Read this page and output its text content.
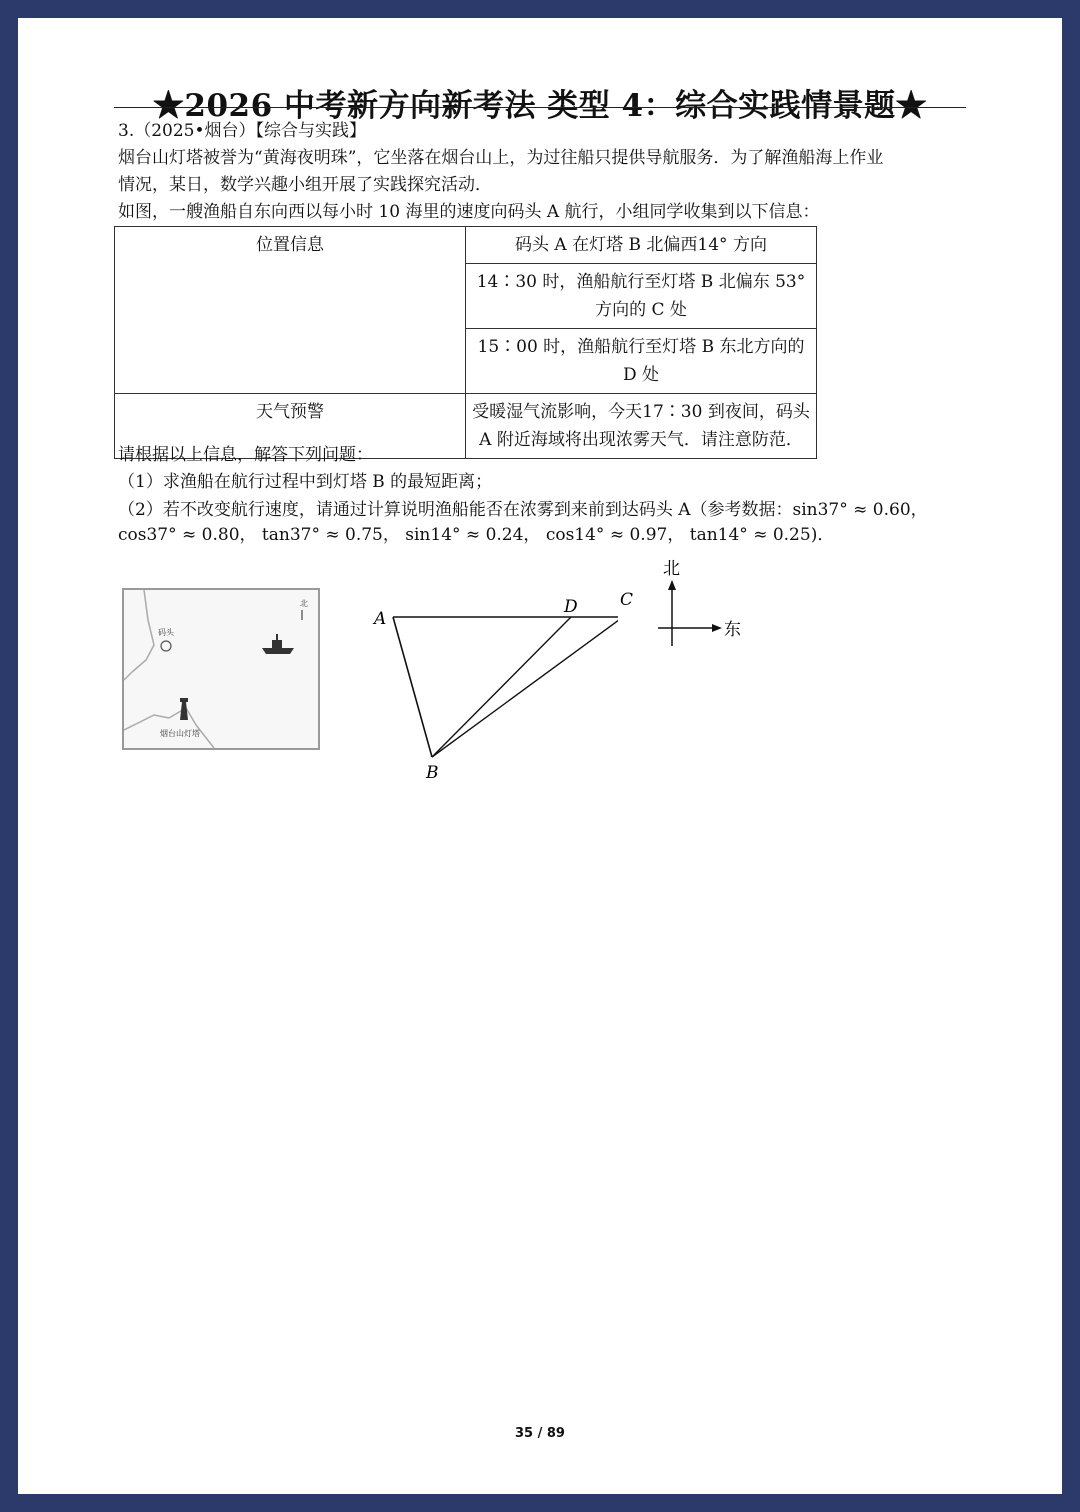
★2026 中考新方向新考法 类型 4：综合实践情景题★
3.（2025•烟台）【综合与实践】
烟台山灯塔被誉为“黄海夜明珠”，它坐落在烟台山上，为过往船只提供导航服务．为了解渔船海上作业
情况，某日，数学兴趣小组开展了实践探究活动．
如图，一艘渔船自东向西以每小时 10 海里的速度向码头 A 航行，小组同学收集到以下信息：
位置信息	码头 A 在灯塔 B 北偏西14° 方向
	14∶30 时，渔船航行至灯塔 B 北偏东 53° 方向的 C 处
	15∶00 时，渔船航行至灯塔 B 东北方向的 D 处
天气预警	受暖湿气流影响，今天17∶30 到夜间，码头 A 附近海域将出现浓雾天气．请注意防范．
请根据以上信息，解答下列问题：
（1）求渔船在航行过程中到灯塔 B 的最短距离；
（2）若不改变航行速度，请通过计算说明渔船能否在浓雾到来前到达码头 A（参考数据：sin37° ≈ 0.60，
cos37° ≈ 0.80， tan37° ≈ 0.75， sin14° ≈ 0.24， cos14° ≈ 0.97， tan14° ≈ 0.25)．
码头
北
烟台山灯塔
A
D
B
C
北
东
35 / 89
